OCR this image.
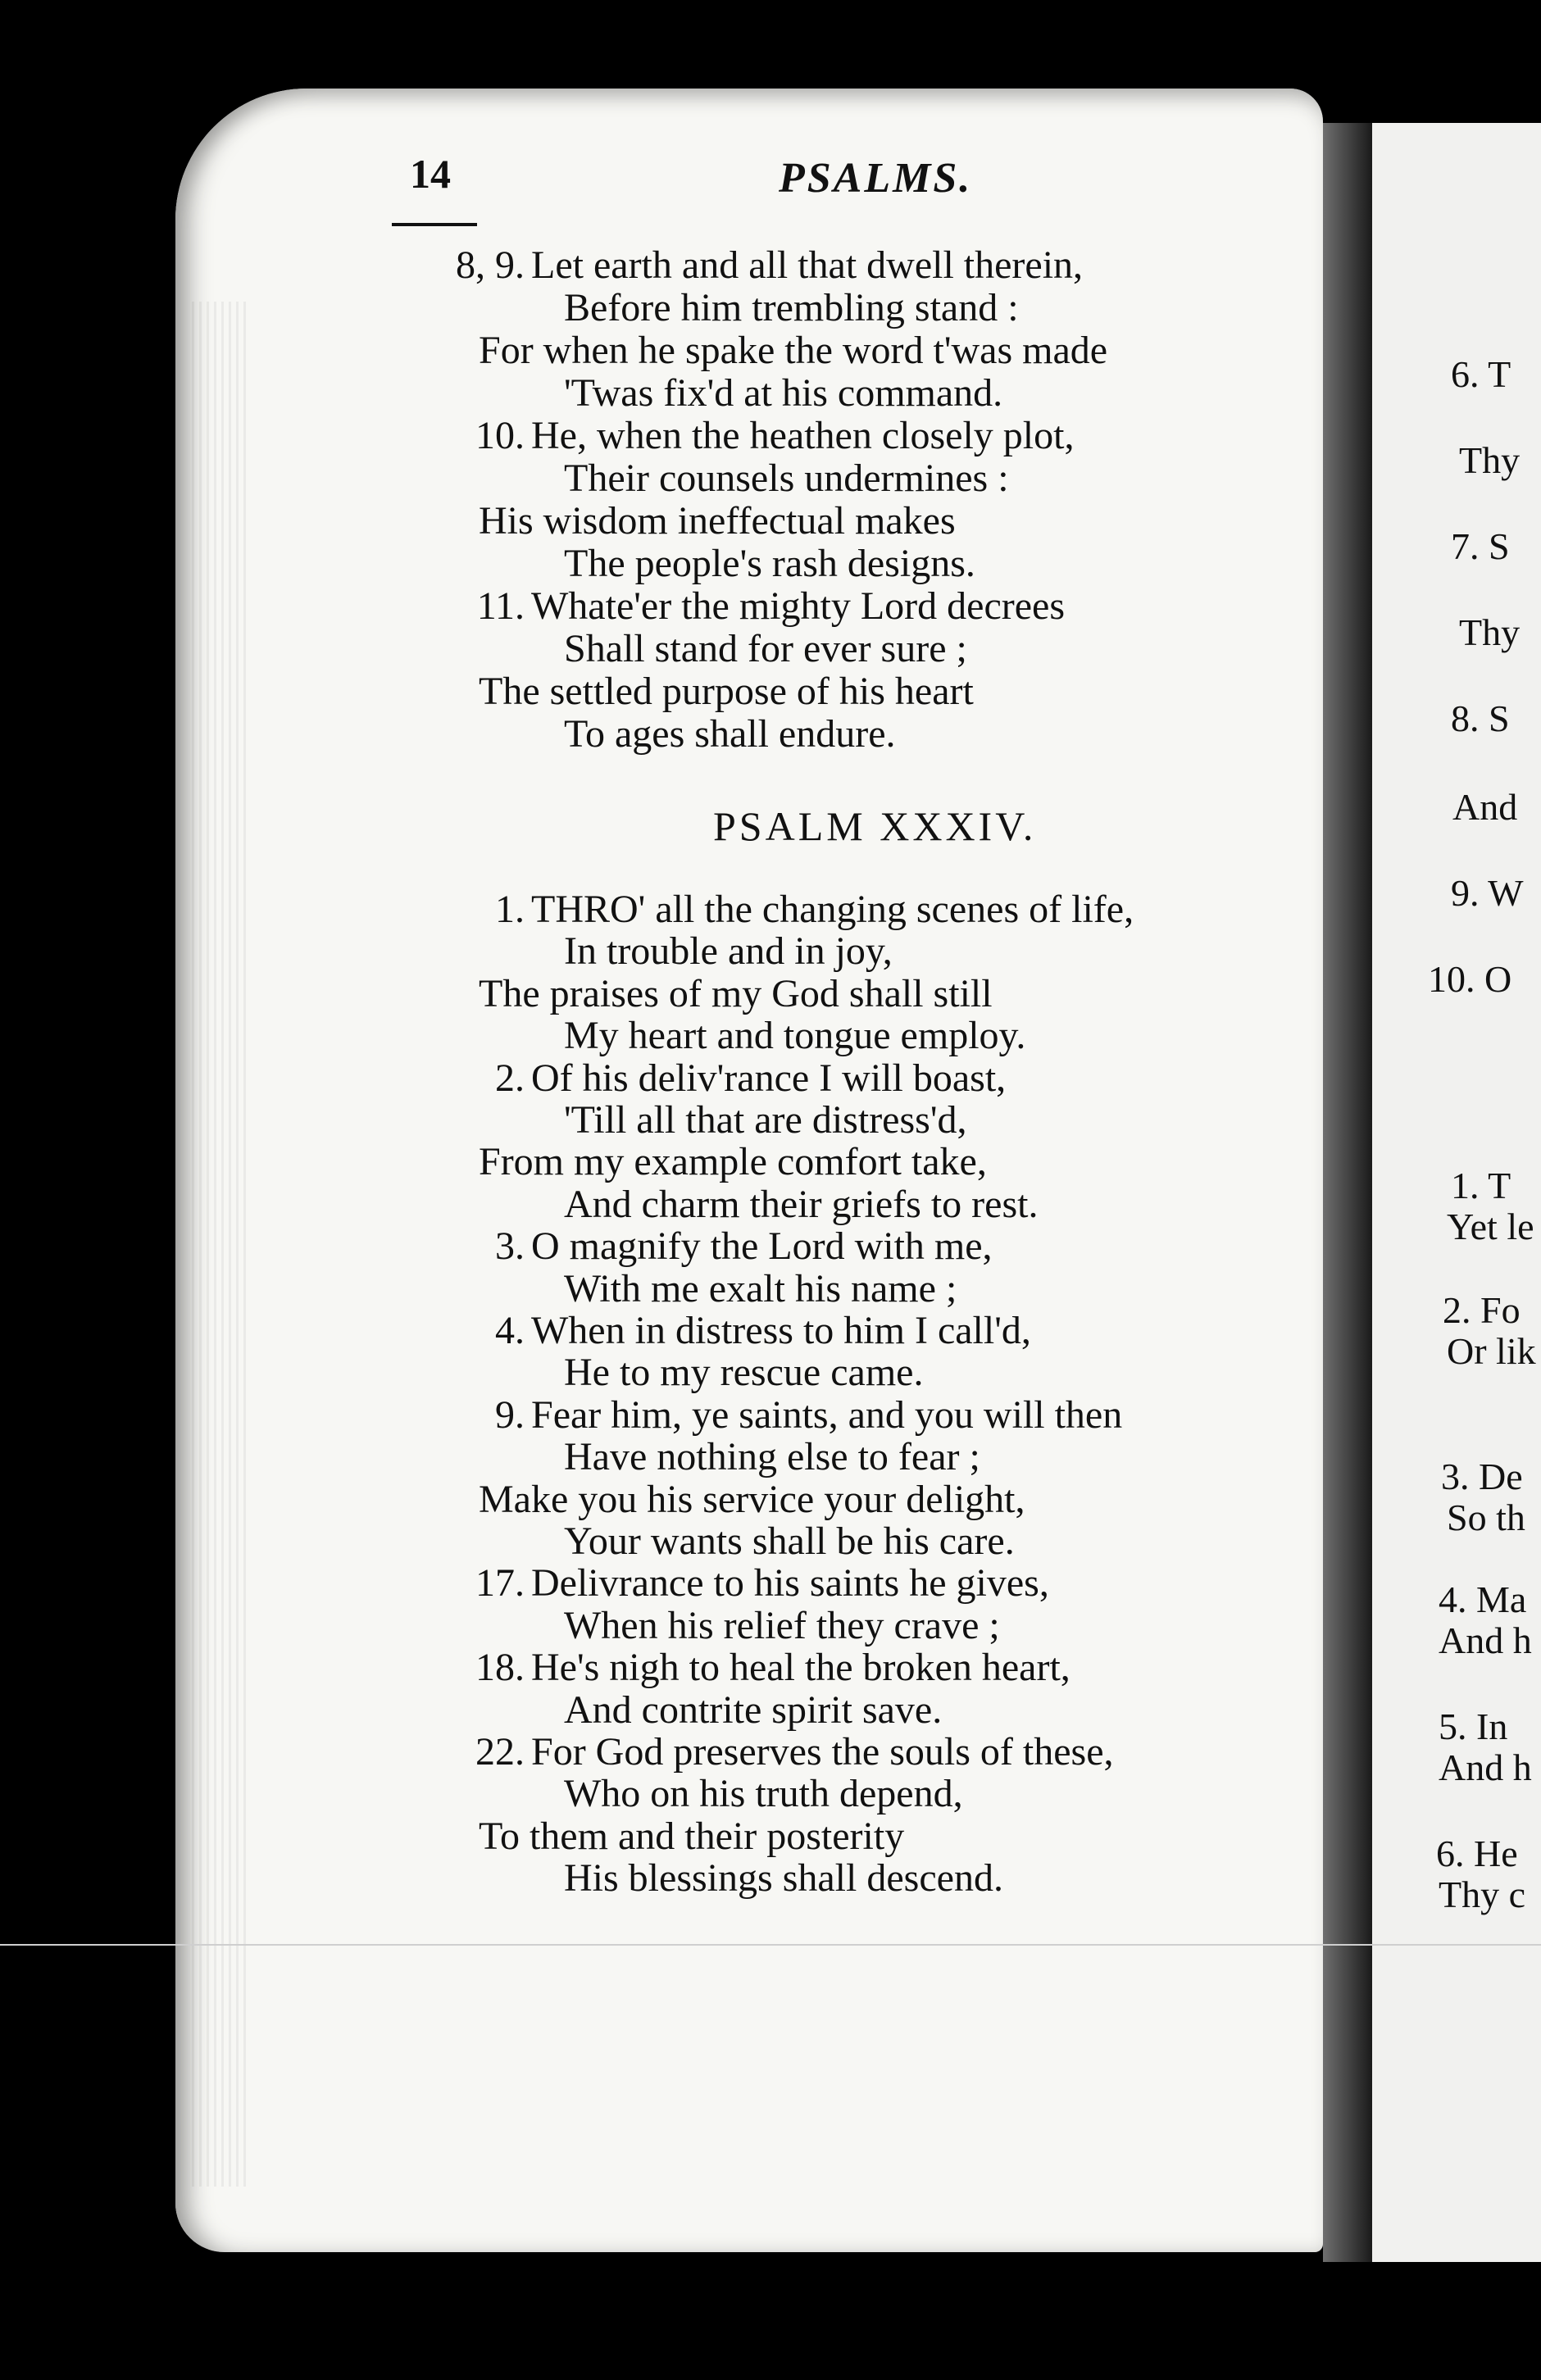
14	PSALMS.
8, 9. Let earth and all that dwell therein,
Before him trembling stand :
For when he spake the word t'was made
'Twas fix'd at his command.
10. He, when the heathen closely plot,
Their counsels undermines :
His wisdom ineffectual makes
The people's rash designs.
11. Whate'er the mighty Lord decrees
Shall stand for ever sure ;
The settled purpose of his heart
To ages shall endure.
PSALM XXXIV.
1. THRO' all the changing scenes of life,
In trouble and in joy,
The praises of my God shall still
My heart and tongue employ.
2. Of his deliv'rance I will boast,
'Till all that are distress'd,
From my example comfort take,
And charm their griefs to rest.
3. O magnify the Lord with me,
With me exalt his name ;
4. When in distress to him I call'd,
He to my rescue came.
9. Fear him, ye saints, and you will then
Have nothing else to fear ;
Make you his service your delight,
Your wants shall be his care.
17. Delivrance to his saints he gives,
When his relief they crave ;
18. He's nigh to heal the broken heart,
And contrite spirit save.
22. For God preserves the souls of these,
Who on his truth depend,
To them and their posterity
His blessings shall descend.
6. T
Thy
7. S
Thy
8. S
And
9. W
10. O
1. T
Yet le
2. Fo
Or lik
3. De
So th
4. Ma
And h
5. In
And h
6. He
Thy c
